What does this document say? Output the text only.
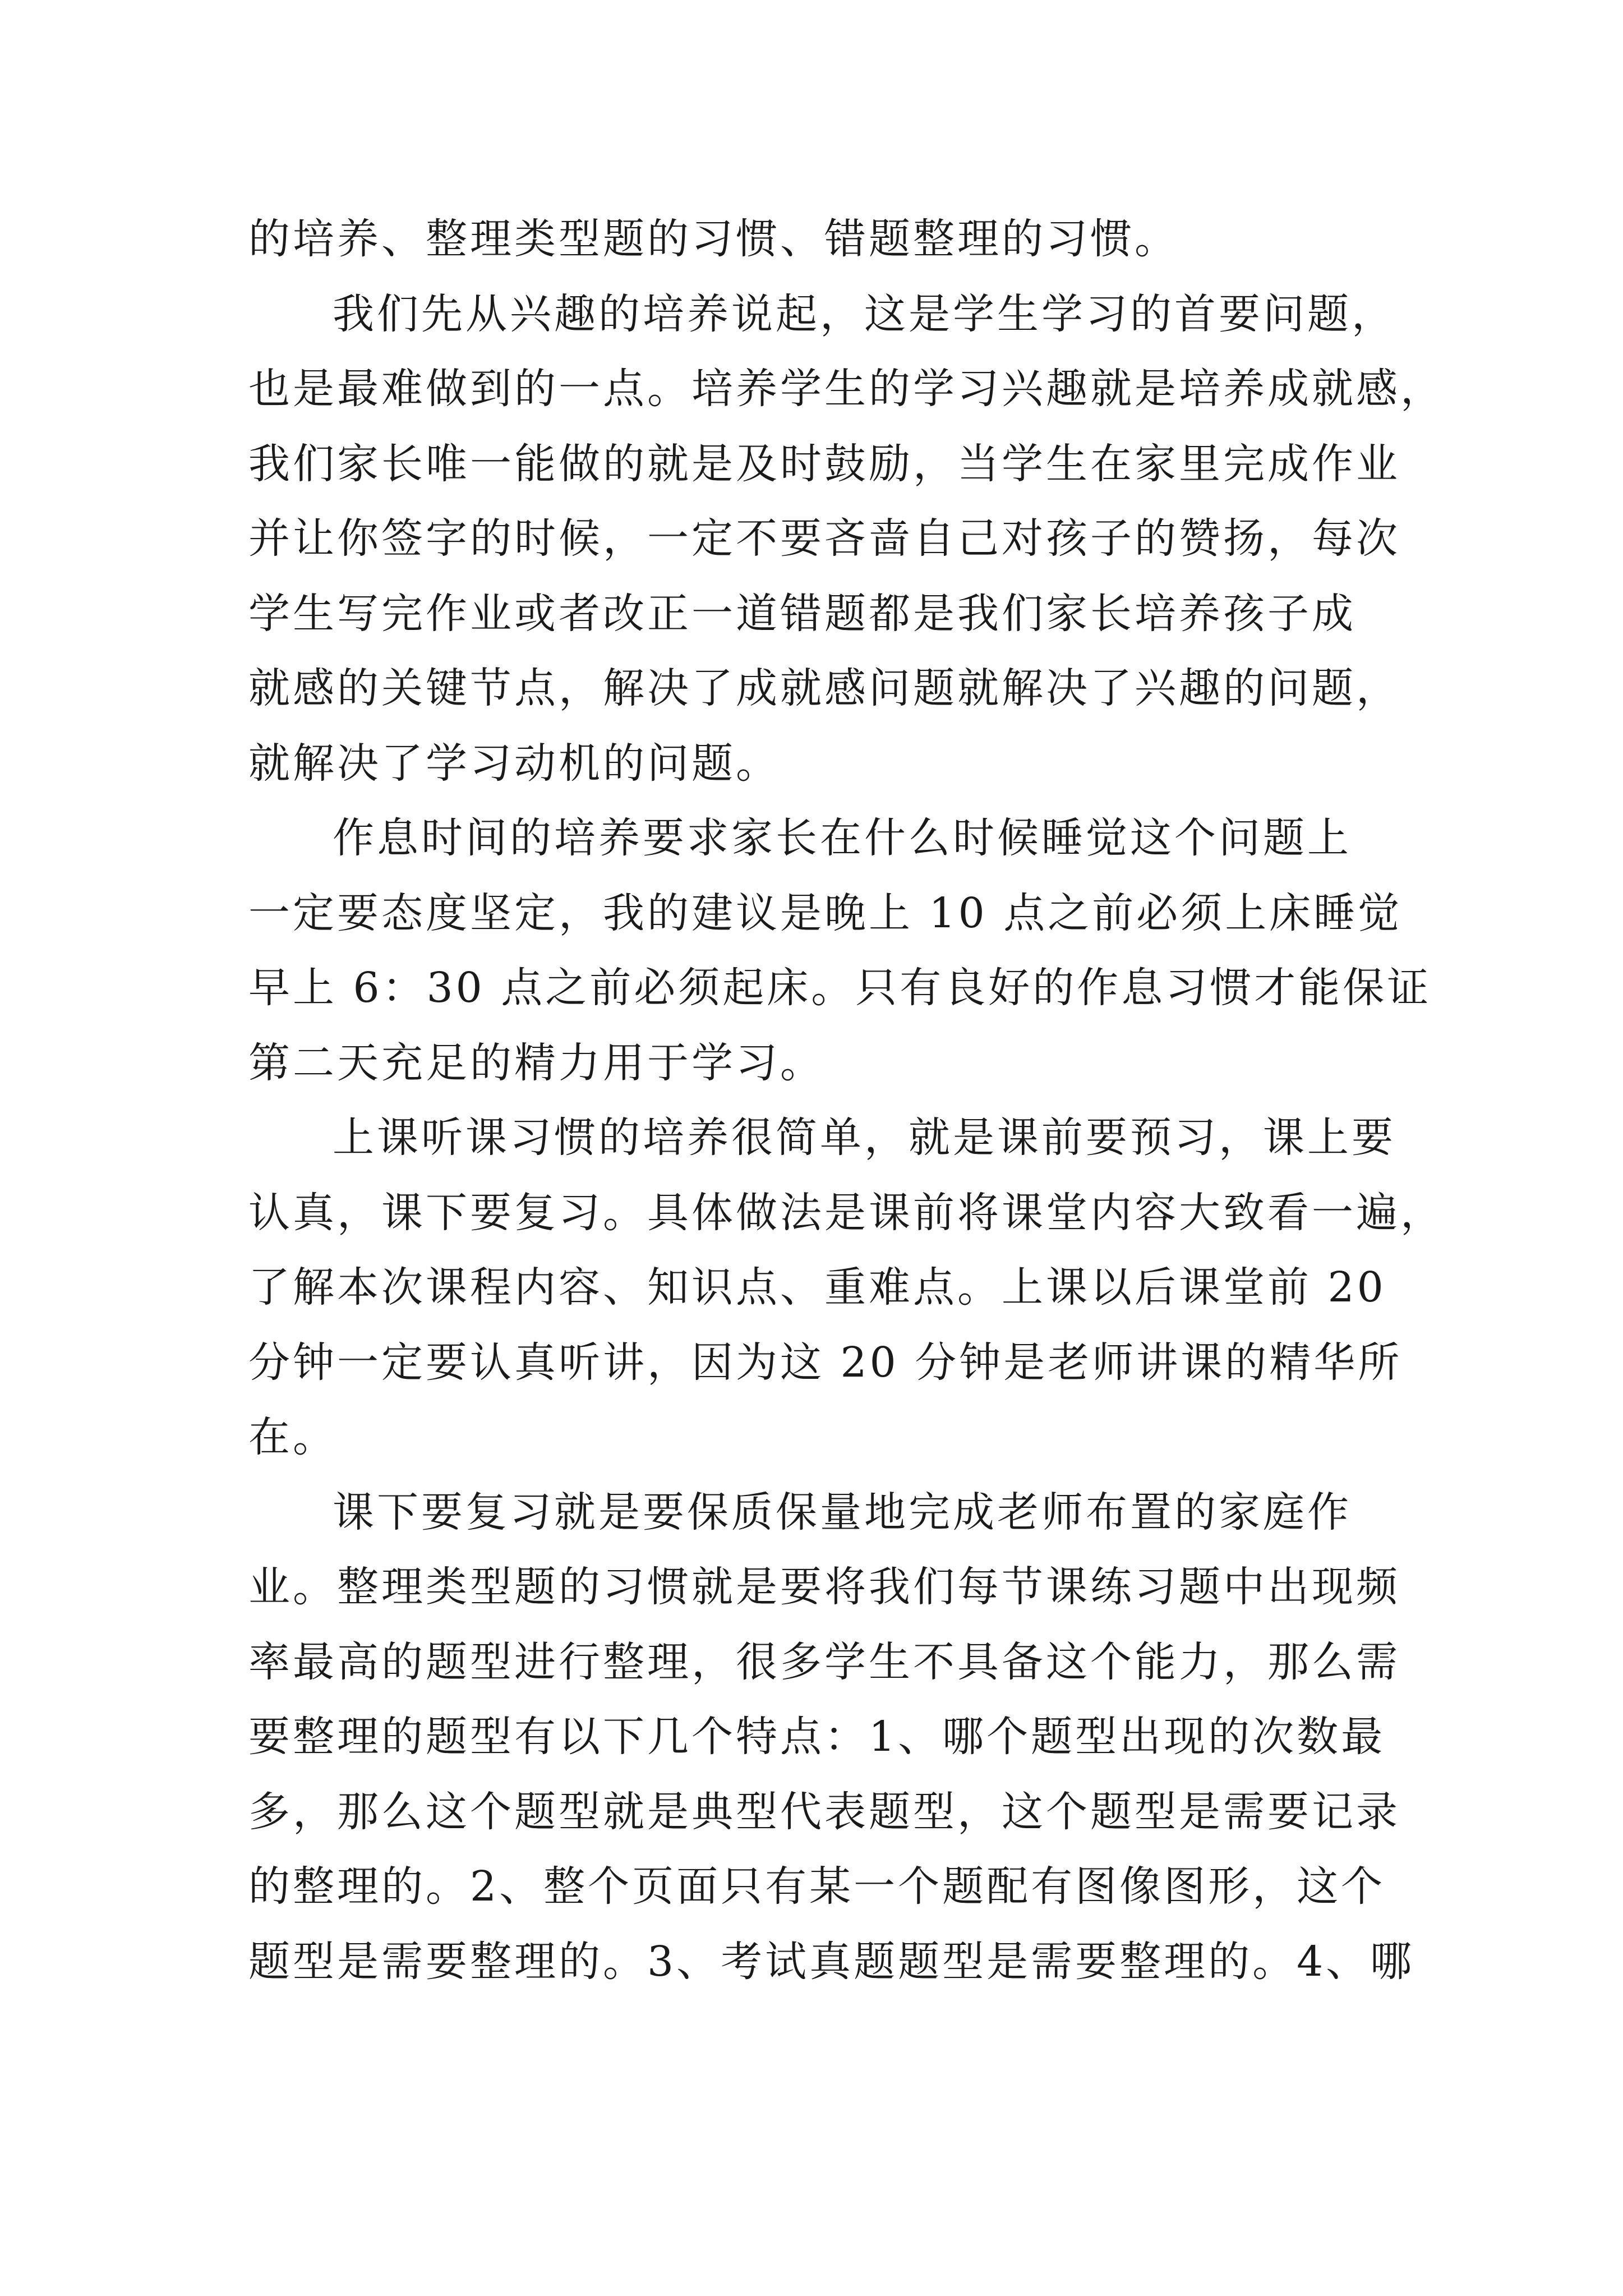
的培养、整理类型题的习惯、错题整理的习惯。
我们先从兴趣的培养说起，这是学生学习的首要问题，
也是最难做到的一点。培养学生的学习兴趣就是培养成就感，
我们家长唯一能做的就是及时鼓励，当学生在家里完成作业
并让你签字的时候，一定不要吝啬自己对孩子的赞扬，每次
学生写完作业或者改正一道错题都是我们家长培养孩子成
就感的关键节点，解决了成就感问题就解决了兴趣的问题，
就解决了学习动机的问题。
作息时间的培养要求家长在什么时候睡觉这个问题上
一定要态度坚定，我的建议是晚上 10 点之前必须上床睡觉
早上 6：30 点之前必须起床。只有良好的作息习惯才能保证
第二天充足的精力用于学习。
上课听课习惯的培养很简单，就是课前要预习，课上要
认真，课下要复习。具体做法是课前将课堂内容大致看一遍，
了解本次课程内容、知识点、重难点。上课以后课堂前 20
分钟一定要认真听讲，因为这 20 分钟是老师讲课的精华所
在。
课下要复习就是要保质保量地完成老师布置的家庭作
业。整理类型题的习惯就是要将我们每节课练习题中出现频
率最高的题型进行整理，很多学生不具备这个能力，那么需
要整理的题型有以下几个特点：1、哪个题型出现的次数最
多，那么这个题型就是典型代表题型，这个题型是需要记录
的整理的。2、整个页面只有某一个题配有图像图形，这个
题型是需要整理的。3、考试真题题型是需要整理的。4、哪
